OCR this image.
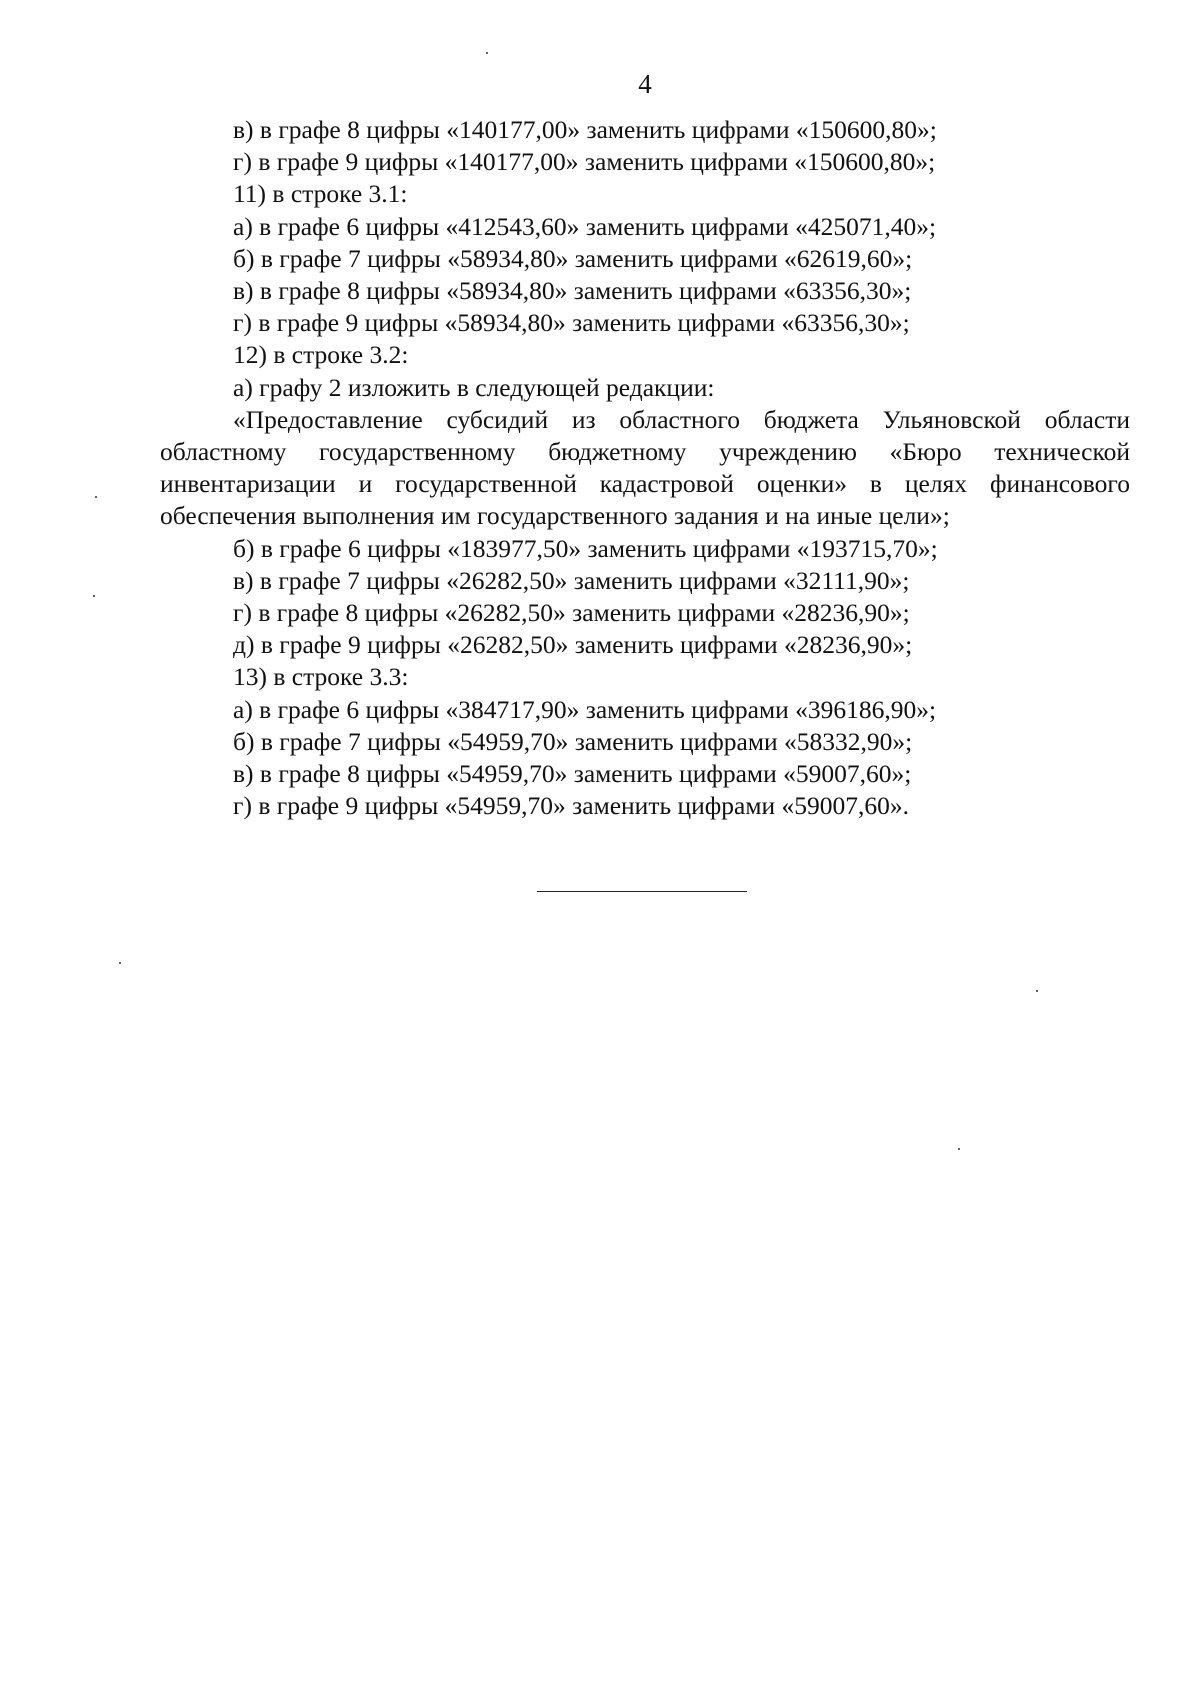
4

в) в графе 8 цифры «140177,00» заменить цифрами «150600,80»;

г) в графе 9 цифры «140177,00» заменить цифрами «150600,80»;

11) в строке 3.1:

а) в графе 6 цифры «412543,60» заменить цифрами «425071,40»;

б) в графе 7 цифры «58934,80» заменить цифрами «62619,60»;

в) в графе 8 цифры «58934,80» заменить цифрами «63356,30»;

г) в графе 9 цифры «58934,80» заменить цифрами «63356,30»;

12) в строке 3.2:

а) графу 2 изложить в следующей редакции:

«Предоставление субсидий из областного бюджета Ульяновской области областному государственному бюджетному учреждению «Бюро технической инвентаризации и государственной кадастровой оценки» в целях финансового обеспечения выполнения им государственного задания и на иные цели»;

б) в графе 6 цифры «183977,50» заменить цифрами «193715,70»;

в) в графе 7 цифры «26282,50» заменить цифрами «32111,90»;

г) в графе 8 цифры «26282,50» заменить цифрами «28236,90»;

д) в графе 9 цифры «26282,50» заменить цифрами «28236,90»;

13) в строке 3.3:

а) в графе 6 цифры «384717,90» заменить цифрами «396186,90»;

б) в графе 7 цифры «54959,70» заменить цифрами «58332,90»;

в) в графе 8 цифры «54959,70» заменить цифрами «59007,60»;

г) в графе 9 цифры «54959,70» заменить цифрами «59007,60».
